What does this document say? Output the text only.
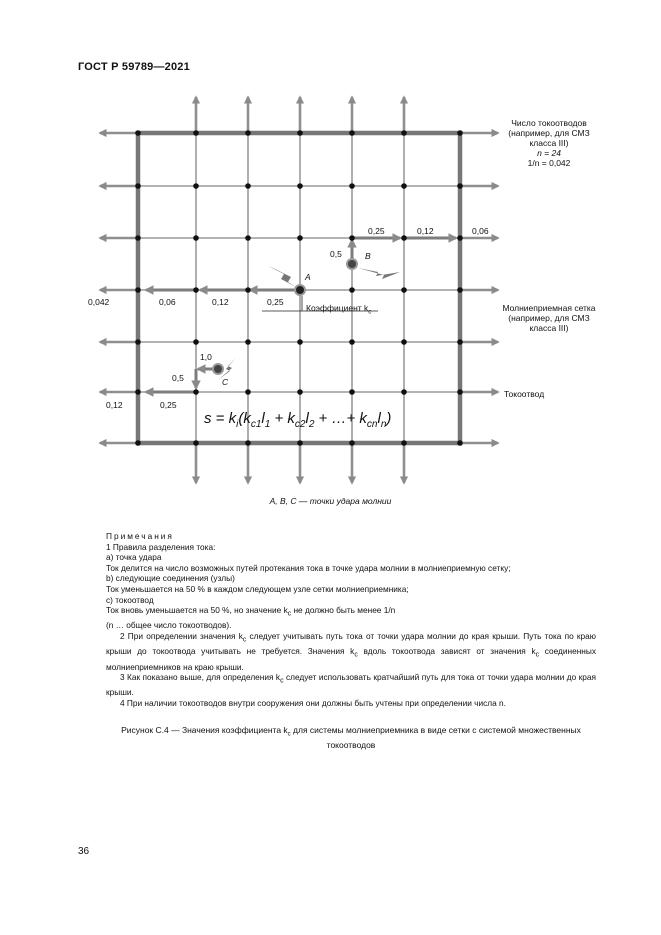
ГОСТ Р 59789—2021
Число токоотводов
(например, для СМЗ
класса III)
n = 24
1/n = 0,042
Молниеприемная сетка
(например, для СМЗ
класса III)
Токоотвод
0,25	0,12	0,06
0,5
0,042	0,06	0,12	0,25
1,0
0,5
0,12	0,25
A
B
C
Коэффициент $k_c$
$s = k_i(k_{c1}l_1 + k_{c2}l_2$ + …+ $k_{cn}l_n$)
A, B, C — точки удара молнии

Примечания

1 Правила разделения тока:

a) точка удара

Ток делится на число возможных путей протекания тока в точке удара молнии в молниеприемную сетку;

b) следующие соединения (узлы)

Ток уменьшается на 50 % в каждом следующем узле сетки молниеприемника;

c) токоотвод

Ток вновь уменьшается на 50 %, но значение $k_c$ не должно быть менее 1/n

(n … общее число токоотводов).

2 При определении значения $k_c$ следует учитывать путь тока от точки удара молнии до края крыши. Путь тока по краю крыши до токоотвода учитывать не требуется. Значения $k_c$ вдоль токоотвода зависят от значения $k_c$ соединенных молниеприемников на краю крыши.

3 Как показано выше, для определения $k_c$ следует использовать кратчайший путь для тока от точки удара молнии до края крыши.

4 При наличии токоотводов внутри сооружения они должны быть учтены при определении числа n.

Рисунок С.4 — Значения коэффициента $k_c$ для системы молниеприемника в виде сетки с системой множественных токоотводов
36
